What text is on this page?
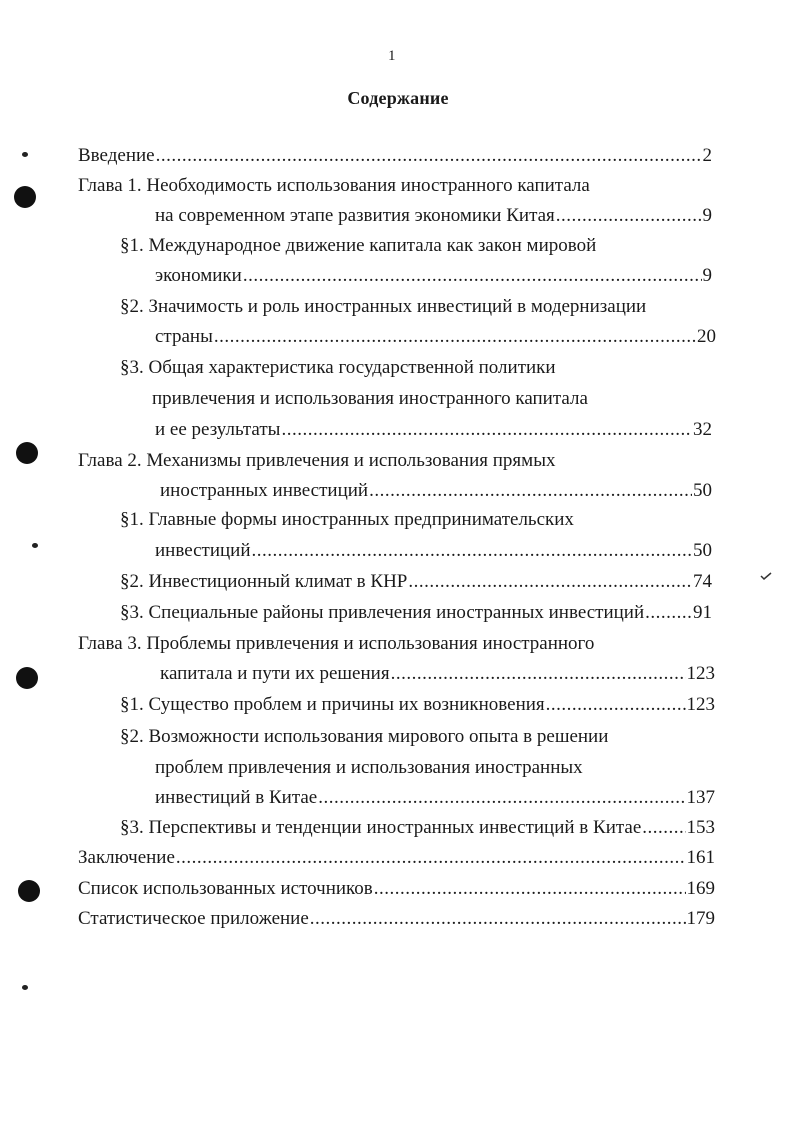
1
Содержание
Введение .....	2
Глава 1. Необходимость использования иностранного капитала
на современном этапе развития экономики Китая .....	9
§1. Международное движение капитала как закон мировой
экономики .....	9
§2. Значимость и роль иностранных инвестиций в модернизации
страны .....	20
§3. Общая характеристика государственной политики
привлечения и использования иностранного капитала
и ее результаты .....	32
Глава 2. Механизмы привлечения и использования прямых
иностранных инвестиций .....	50
§1. Главные формы иностранных предпринимательских
инвестиций .....	50
§2. Инвестиционный климат в КНР .....	74
§3. Специальные районы привлечения иностранных инвестиций .....	91
Глава 3. Проблемы привлечения и использования иностранного
капитала и пути их решения .....	123
§1. Существо проблем и причины их возникновения .....	123
§2. Возможности использования мирового опыта в решении
проблем привлечения и использования иностранных
инвестиций в Китае .....	137
§3. Перспективы и тенденции иностранных инвестиций в Китае ..... 153
Заключение .....	161
Список использованных источников .....	169
Статистическое приложение .....	179
